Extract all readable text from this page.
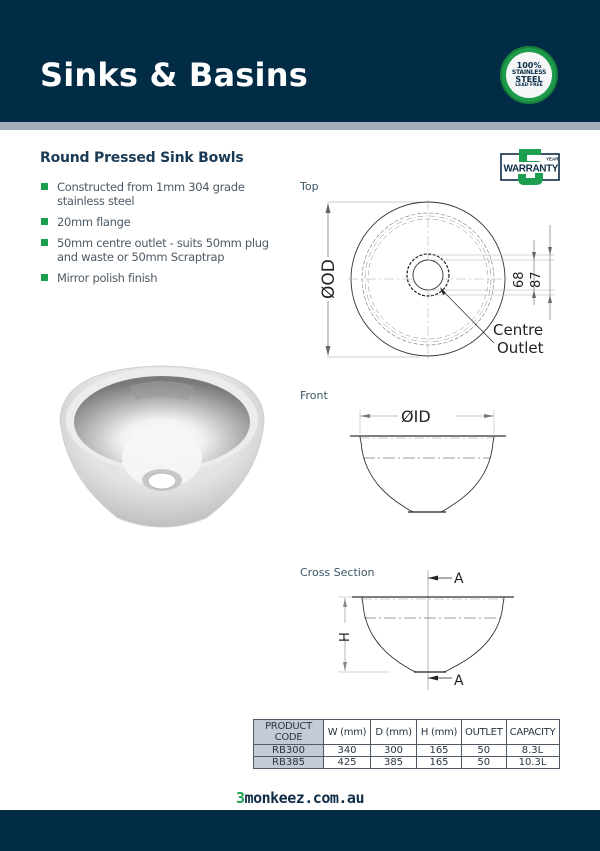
Sinks & Basins	100%
STAINLESS
STEEL
LEAD FREE
Round Pressed Sink Bowls
Constructed from 1mm 304 grade stainless steel
20mm flange
50mm centre outlet - suits 50mm plug and waste or 50mm Scraptrap
Mirror polish finish
WARRANTY
YEAR
Top
ØOD	68 87
Centre
Outlet
Front
ØID
Cross Section	A
A
H
PRODUCT
CODE	W (mm)	D (mm)	H (mm)	OUTLET	CAPACITY
RB300	340	300	165	50	8.3L
RB385	425	385	165	50	10.3L
3monkeez.com.au
